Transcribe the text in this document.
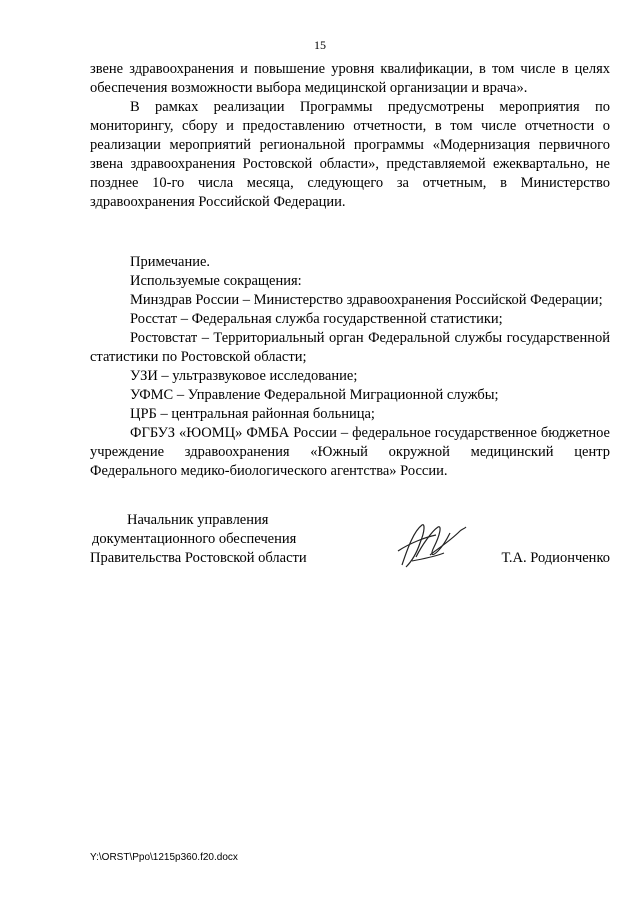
15

звене здравоохранения и повышение уровня квалификации, в том числе в целях обеспечения возможности выбора медицинской организации и врача».

В рамках реализации Программы предусмотрены мероприятия по мониторингу, сбору и предоставлению отчетности, в том числе отчетности о реализации мероприятий региональной программы «Модернизация первичного звена здравоохранения Ростовской области», представляемой ежеквартально, не позднее 10-го числа месяца, следующего за отчетным, в Министерство здравоохранения Российской Федерации.

Примечание.

Используемые сокращения:

Минздрав России – Министерство здравоохранения Российской Федерации;

Росстат – Федеральная служба государственной статистики;

Ростовстат – Территориальный орган Федеральной службы государственной статистики по Ростовской области;

УЗИ – ультразвуковое исследование;

УФМС – Управление Федеральной Миграционной службы;

ЦРБ – центральная районная больница;

ФГБУЗ «ЮОМЦ» ФМБА России – федеральное государственное бюджетное учреждение здравоохранения «Южный окружной медицинский центр Федерального медико-биологического агентства» России.

Начальник управления
документационного обеспечения
Правительства Ростовской области	Т.А. Родионченко
Y:\ORST\Ppo\1215p360.f20.docx
